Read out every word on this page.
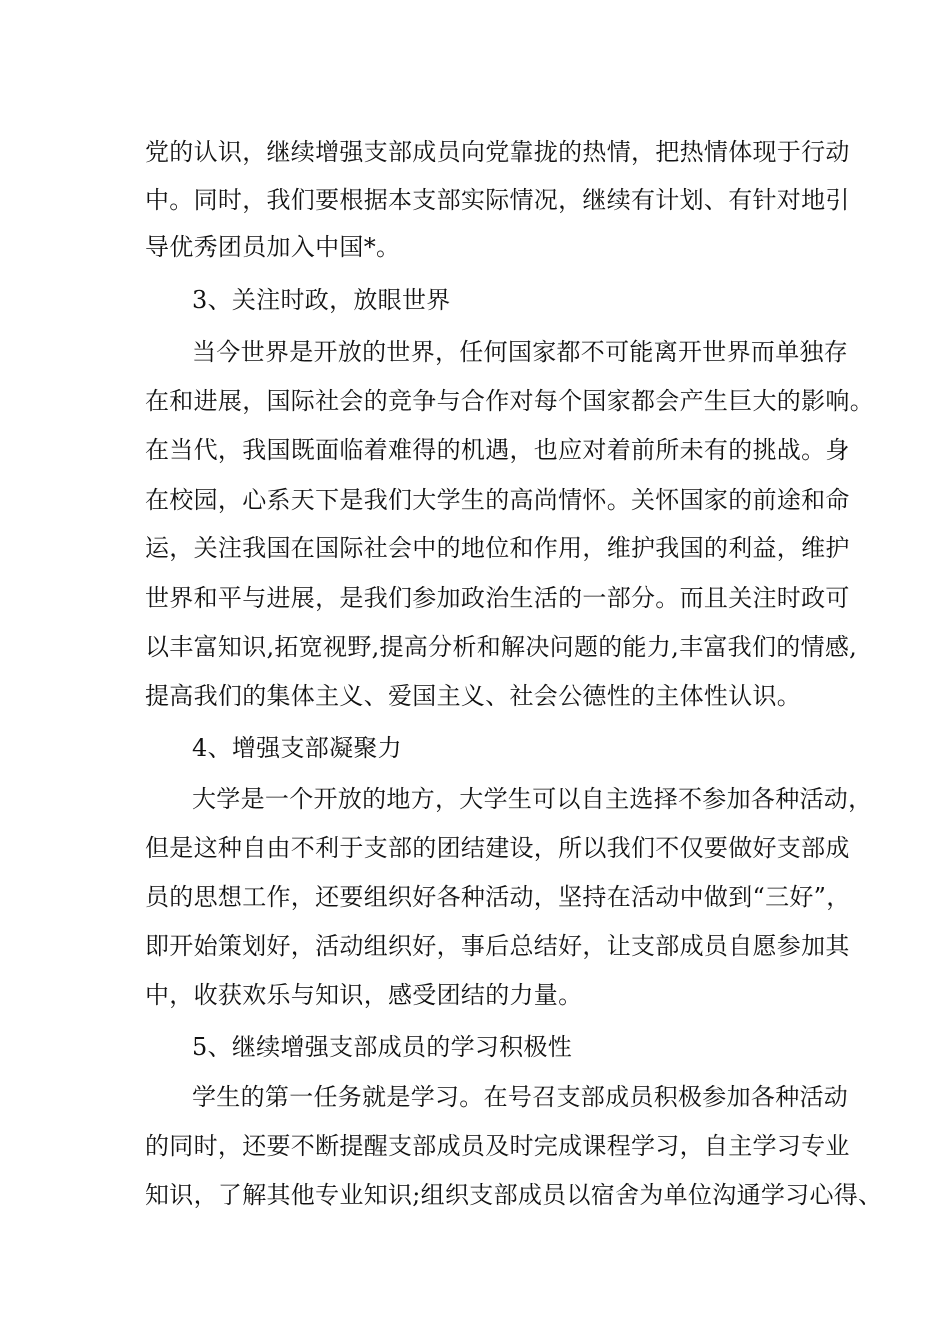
党的认识，继续增强支部成员向党靠拢的热情，把热情体现于行动
中。同时，我们要根据本支部实际情况，继续有计划、有针对地引
导优秀团员加入中国*。
3、关注时政，放眼世界
当今世界是开放的世界，任何国家都不可能离开世界而单独存
在和进展，国际社会的竞争与合作对每个国家都会产生巨大的影响。
在当代，我国既面临着难得的机遇，也应对着前所未有的挑战。身
在校园，心系天下是我们大学生的高尚情怀。关怀国家的前途和命
运，关注我国在国际社会中的地位和作用，维护我国的利益，维护
世界和平与进展，是我们参加政治生活的一部分。而且关注时政可
以丰富知识,拓宽视野,提高分析和解决问题的能力,丰富我们的情感,
提高我们的集体主义、爱国主义、社会公德性的主体性认识。
4、增强支部凝聚力
大学是一个开放的地方，大学生可以自主选择不参加各种活动，
但是这种自由不利于支部的团结建设，所以我们不仅要做好支部成
员的思想工作，还要组织好各种活动，坚持在活动中做到“三好”，
即开始策划好，活动组织好，事后总结好，让支部成员自愿参加其
中，收获欢乐与知识，感受团结的力量。
5、继续增强支部成员的学习积极性
学生的第一任务就是学习。在号召支部成员积极参加各种活动
的同时，还要不断提醒支部成员及时完成课程学习，自主学习专业
知识，了解其他专业知识;组织支部成员以宿舍为单位沟通学习心得、
